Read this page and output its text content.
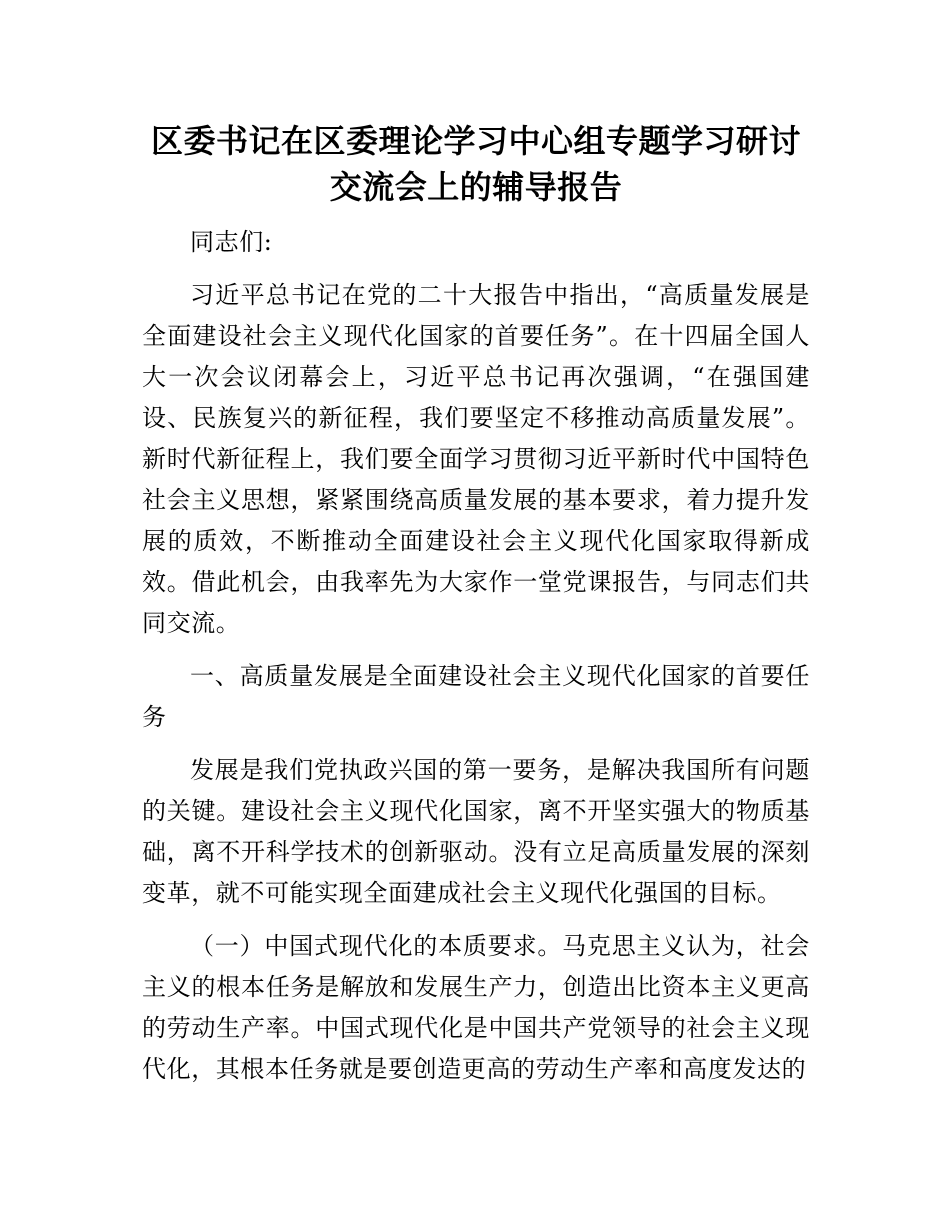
区委书记在区委理论学习中心组专题学习研讨
交流会上的辅导报告

同志们:

习近平总书记在党的二十大报告中指出，“高质量发展是全面建设社会主义现代化国家的首要任务”。在十四届全国人大一次会议闭幕会上，习近平总书记再次强调，“在强国建设、民族复兴的新征程，我们要坚定不移推动高质量发展”。新时代新征程上，我们要全面学习贯彻习近平新时代中国特色社会主义思想，紧紧围绕高质量发展的基本要求，着力提升发展的质效，不断推动全面建设社会主义现代化国家取得新成效。借此机会，由我率先为大家作一堂党课报告，与同志们共同交流。

一、高质量发展是全面建设社会主义现代化国家的首要任务

发展是我们党执政兴国的第一要务，是解决我国所有问题的关键。建设社会主义现代化国家，离不开坚实强大的物质基础，离不开科学技术的创新驱动。没有立足高质量发展的深刻变革，就不可能实现全面建成社会主义现代化强国的目标。

（一）中国式现代化的本质要求。马克思主义认为，社会主义的根本任务是解放和发展生产力，创造出比资本主义更高的劳动生产率。中国式现代化是中国共产党领导的社会主义现代化，其根本任务就是要创造更高的劳动生产率和高度发达的
